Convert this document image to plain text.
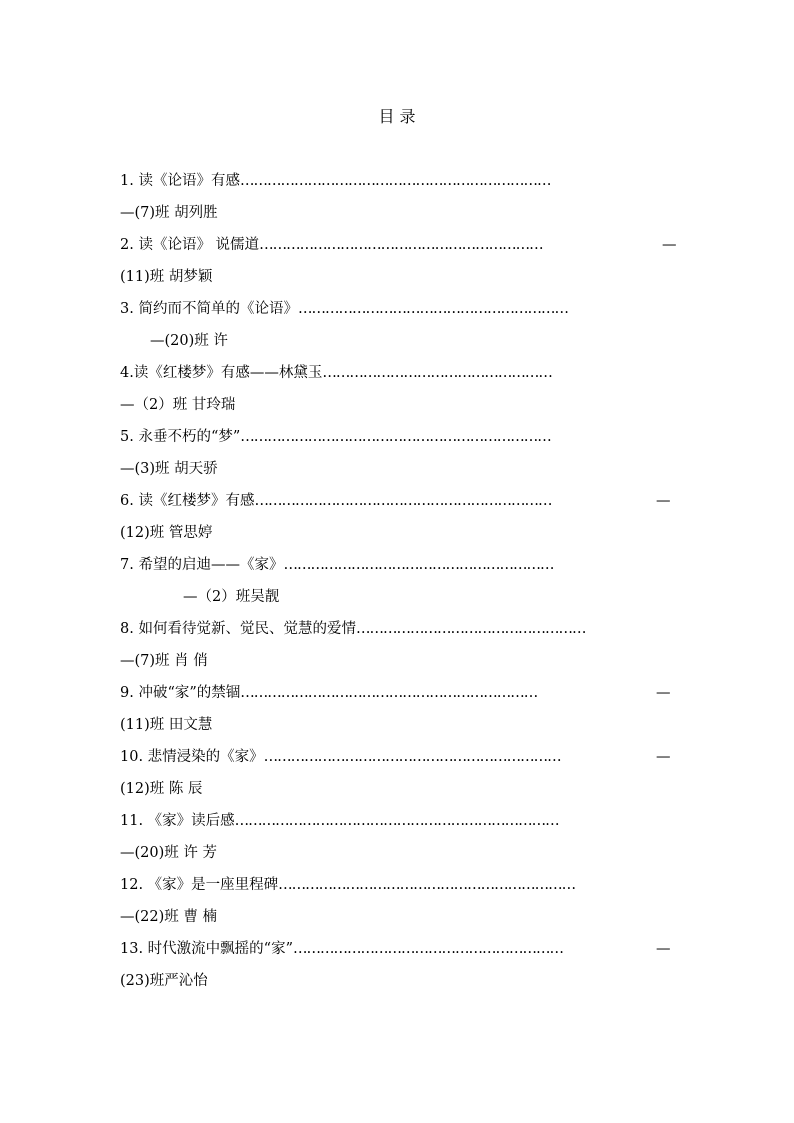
目 录
1. 读《论语》有感……………………………………………………………
—(7)班 胡列胜
2. 读《论语》 说儒道………………………………………………………	—
(11)班 胡梦颖
3. 简约而不简单的《论语》……………………………………………………
—(20)班 许
4.读《红楼梦》有感——林黛玉……………………………………………
—（2）班 甘玲瑞
5. 永垂不朽的“梦”……………………………………………………………
—(3)班 胡天骄
6. 读《红楼梦》有感…………………………………………………………	—
(12)班 管思婷
7. 希望的启迪——《家》……………………………………………………
—（2）班吴靓
8. 如何看待觉新、觉民、觉慧的爱情……………………………………………
—(7)班 肖 俏
9. 冲破“家”的禁锢…………………………………………………………	—
(11)班 田文慧
10. 悲情浸染的《家》…………………………………………………………	—
(12)班 陈 辰
11. 《家》读后感………………………………………………………………
—(20)班 许 芳
12. 《家》是一座里程碑…………………………………………………………
—(22)班 曹 楠
13. 时代激流中飘摇的“家”……………………………………………………	—
(23)班严沁怡
